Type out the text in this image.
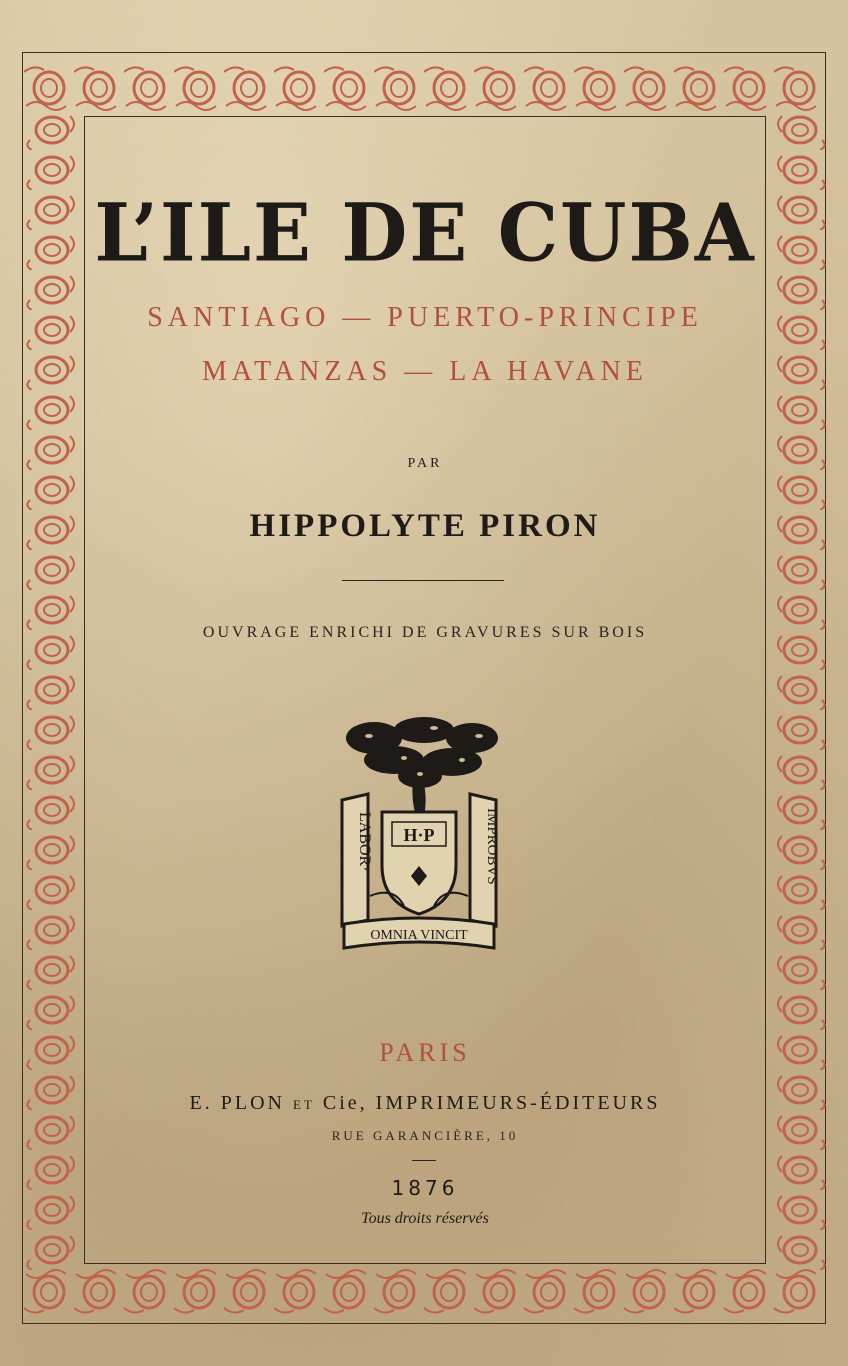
L’ILE DE CUBA
SANTIAGO — PUERTO-PRINCIPE
MATANZAS — LA HAVANE
PAR
HIPPOLYTE PIRON
OUVRAGE ENRICHI DE GRAVURES SUR BOIS
H·P
LABOR·	IMPROBVS
OMNIA VINCIT
PARIS
E. PLON ET Cie, IMPRIMEURS-ÉDITEURS
RUE GARANCIÈRE, 10
1876
Tous droits réservés
